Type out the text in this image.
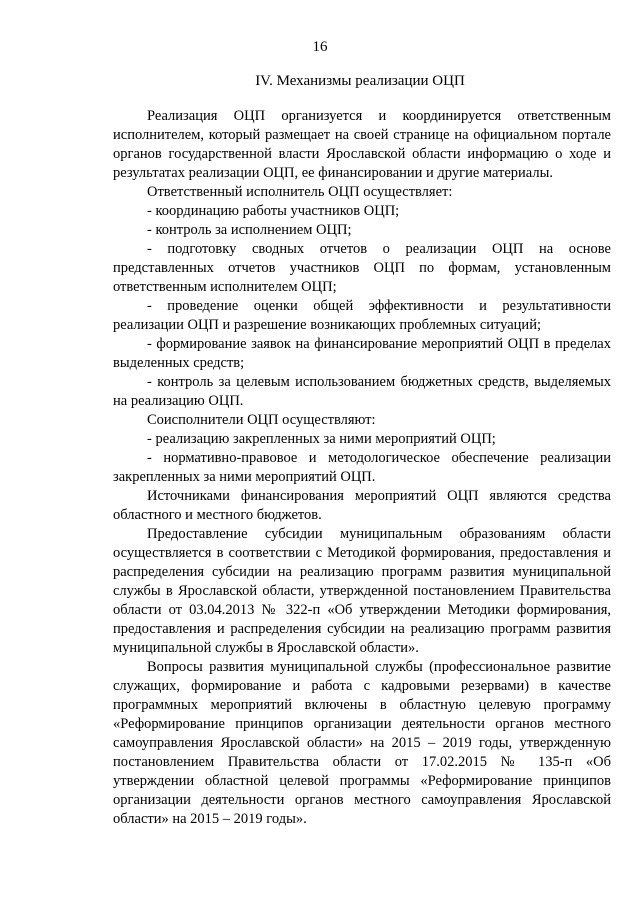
16
IV. Механизмы реализации ОЦП

Реализация ОЦП организуется и координируется ответственным исполнителем, который размещает на своей странице на официальном портале органов государственной власти Ярославской области информацию о ходе и результатах реализации ОЦП, ее финансировании и другие материалы.

Ответственный исполнитель ОЦП осуществляет:

- координацию работы участников ОЦП;

- контроль за исполнением ОЦП;

- подготовку сводных отчетов о реализации ОЦП на основе представленных отчетов участников ОЦП по формам, установленным ответственным исполнителем ОЦП;

- проведение оценки общей эффективности и результативности реализации ОЦП и разрешение возникающих проблемных ситуаций;

- формирование заявок на финансирование мероприятий ОЦП в пределах выделенных средств;

- контроль за целевым использованием бюджетных средств, выделяемых на реализацию ОЦП.

Соисполнители ОЦП осуществляют:

- реализацию закрепленных за ними мероприятий ОЦП;

- нормативно-правовое и методологическое обеспечение реализации закрепленных за ними мероприятий ОЦП.

Источниками финансирования мероприятий ОЦП являются средства областного и местного бюджетов.

Предоставление субсидии муниципальным образованиям области осуществляется в соответствии с Методикой формирования, предоставления и распределения субсидии на реализацию программ развития муниципальной службы в Ярославской области, утвержденной постановлением Правительства области от 03.04.2013 № 322-п «Об утверждении Методики формирования, предоставления и распределения субсидии на реализацию программ развития муниципальной службы в Ярославской области».

Вопросы развития муниципальной службы (профессиональное развитие служащих, формирование и работа с кадровыми резервами) в качестве программных мероприятий включены в областную целевую программу «Реформирование принципов организации деятельности органов местного самоуправления Ярославской области» на 2015 – 2019 годы, утвержденную постановлением Правительства области от 17.02.2015 № 135-п «Об утверждении областной целевой программы «Реформирование принципов организации деятельности органов местного самоуправления Ярославской области» на 2015 – 2019 годы».
